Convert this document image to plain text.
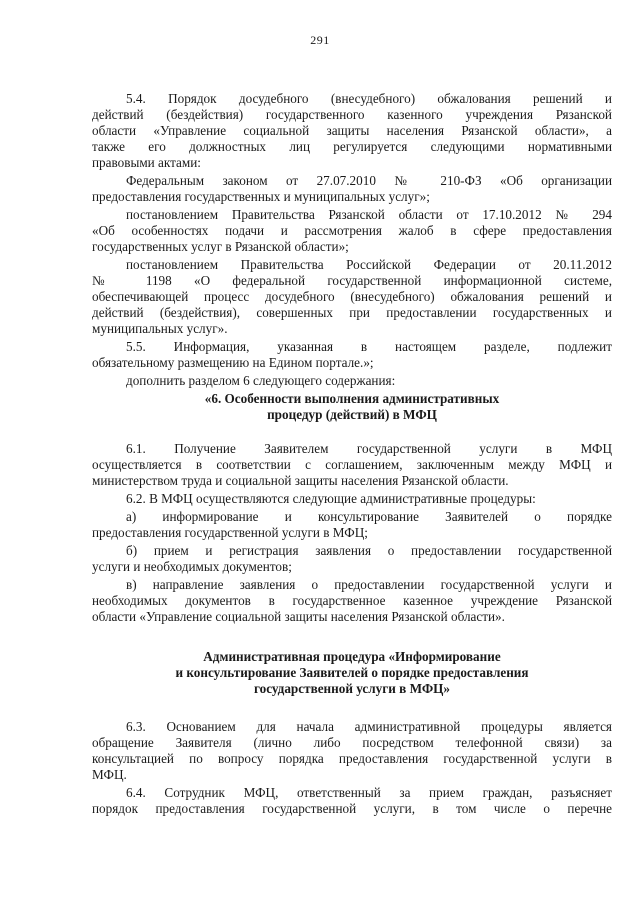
291
5.4. Порядок досудебного (внесудебного) обжалования решений и
действий (бездействия) государственного казенного учреждения Рязанской
области «Управление социальной защиты населения Рязанской области», а
также его должностных лиц регулируется следующими нормативными
правовыми актами:
Федеральным законом от 27.07.2010 № 210-ФЗ «Об организации
предоставления государственных и муниципальных услуг»;
постановлением Правительства Рязанской области от 17.10.2012 № 294
«Об особенностях подачи и рассмотрения жалоб в сфере предоставления
государственных услуг в Рязанской области»;
постановлением Правительства Российской Федерации от 20.11.2012
№ 1198 «О федеральной государственной информационной системе,
обеспечивающей процесс досудебного (внесудебного) обжалования решений и
действий (бездействия), совершенных при предоставлении государственных и
муниципальных услуг».
5.5. Информация, указанная в настоящем разделе, подлежит
обязательному размещению на Едином портале.»;
дополнить разделом 6 следующего содержания:
«6. Особенности выполнения административных
процедур (действий) в МФЦ
6.1. Получение Заявителем государственной услуги в МФЦ
осуществляется в соответствии с соглашением, заключенным между МФЦ и
министерством труда и социальной защиты населения Рязанской области.
6.2. В МФЦ осуществляются следующие административные процедуры:
а) информирование и консультирование Заявителей о порядке
предоставления государственной услуги в МФЦ;
б) прием и регистрация заявления о предоставлении государственной
услуги и необходимых документов;
в) направление заявления о предоставлении государственной услуги и
необходимых документов в государственное казенное учреждение Рязанской
области «Управление социальной защиты населения Рязанской области».
Административная процедура «Информирование
и консультирование Заявителей о порядке предоставления
государственной услуги в МФЦ»
6.3. Основанием для начала административной процедуры является
обращение Заявителя (лично либо посредством телефонной связи) за
консультацией по вопросу порядка предоставления государственной услуги в
МФЦ.
6.4. Сотрудник МФЦ, ответственный за прием граждан, разъясняет
порядок предоставления государственной услуги, в том числе о перечне
